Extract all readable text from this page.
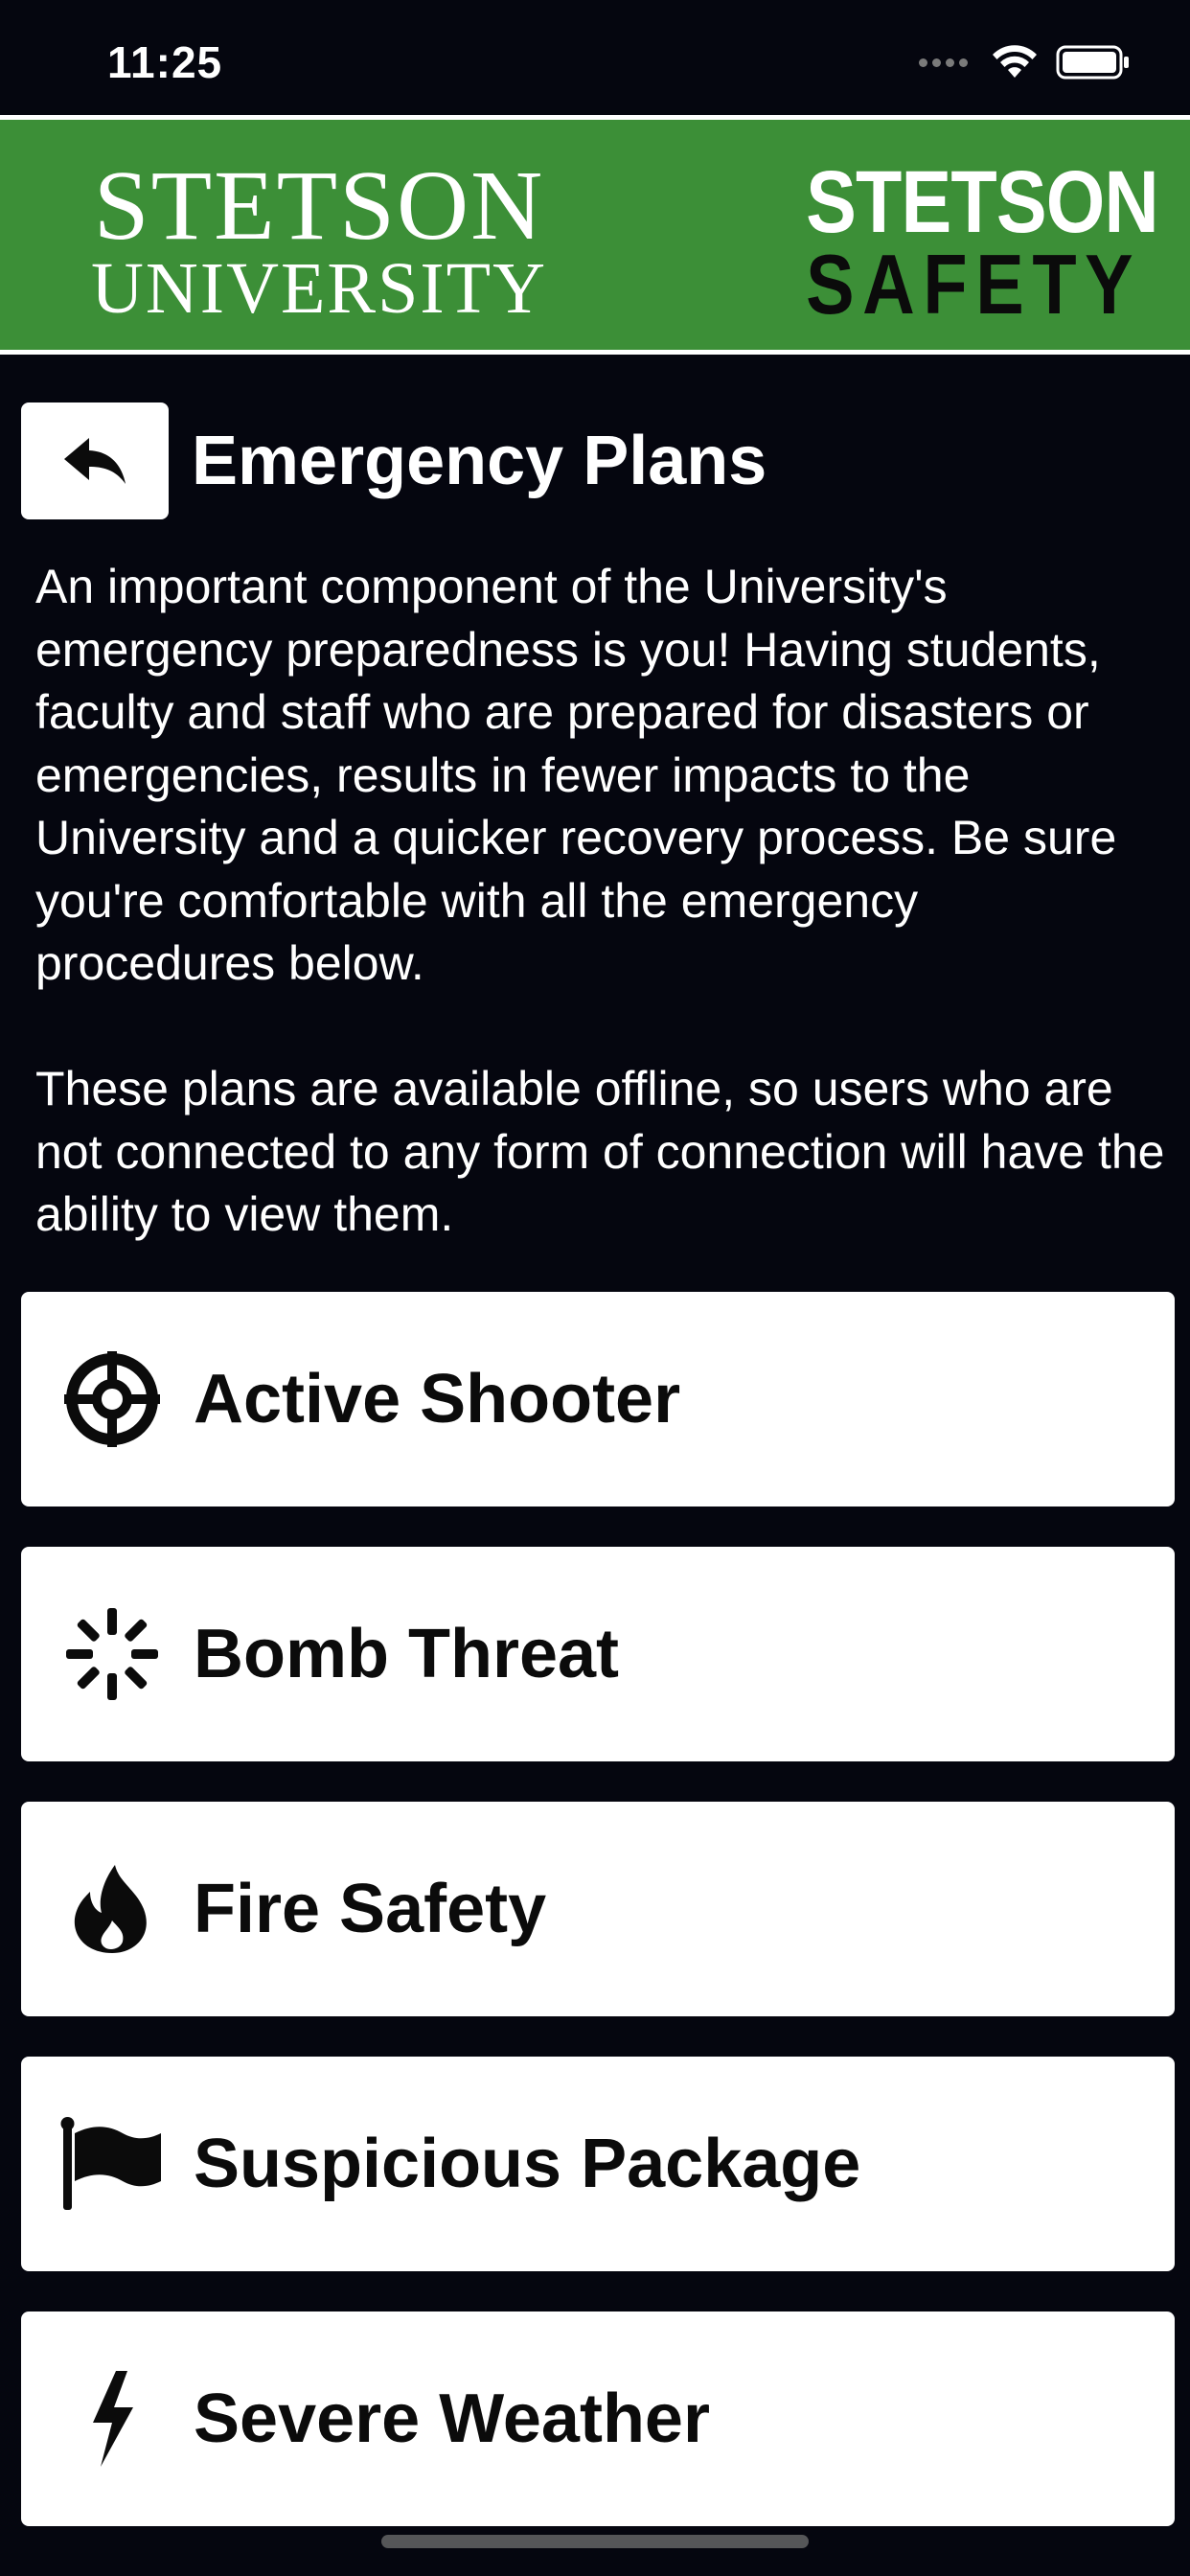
11:25
STETSON
UNIVERSITY
STETSON
SAFETY
Emergency Plans

An important component of the University's emergency preparedness is you! Having students, faculty and staff who are prepared for disasters or emergencies, results in fewer impacts to the University and a quicker recovery process. Be sure you're comfortable with all the emergency procedures below.

These plans are available offline, so users who are not connected to any form of connection will have the ability to view them.

Active Shooter
Bomb Threat
Fire Safety
Suspicious Package
Severe Weather
